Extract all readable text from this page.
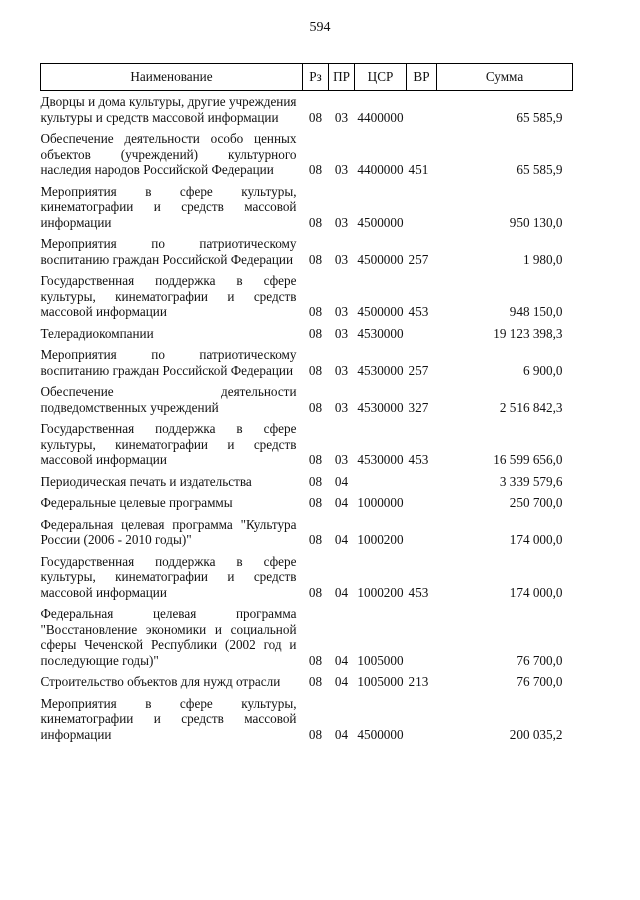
594
Наименование	Рз	ПР	ЦСР	ВР	Сумма
Дворцы и дома культуры, другие учреждения культуры и средств массовой информации	08	03	4400000		65 585,9
Обеспечение деятельности особо ценных объектов (учреждений) культурного наследия народов Российской Федерации	08	03	4400000	451	65 585,9
Мероприятия в сфере культуры, кинематографии и средств массовой информации	08	03	4500000		950 130,0
Мероприятия по патриотическому воспитанию граждан Российской Федерации	08	03	4500000	257	1 980,0
Государственная поддержка в сфере культуры, кинематографии и средств массовой информации	08	03	4500000	453	948 150,0
Телерадиокомпании	08	03	4530000		19 123 398,3
Мероприятия по патриотическому воспитанию граждан Российской Федерации	08	03	4530000	257	6 900,0
Обеспечение деятельности подведомственных учреждений	08	03	4530000	327	2 516 842,3
Государственная поддержка в сфере культуры, кинематографии и средств массовой информации	08	03	4530000	453	16 599 656,0
Периодическая печать и издательства	08	04			3 339 579,6
Федеральные целевые программы	08	04	1000000		250 700,0
Федеральная целевая программа "Культура России (2006 - 2010 годы)"	08	04	1000200		174 000,0
Государственная поддержка в сфере культуры, кинематографии и средств массовой информации	08	04	1000200	453	174 000,0
Федеральная целевая программа "Восстановление экономики и социальной сферы Чеченской Республики (2002 год и последующие годы)"	08	04	1005000		76 700,0
Строительство объектов для нужд отрасли	08	04	1005000	213	76 700,0
Мероприятия в сфере культуры, кинематографии и средств массовой информации	08	04	4500000		200 035,2
